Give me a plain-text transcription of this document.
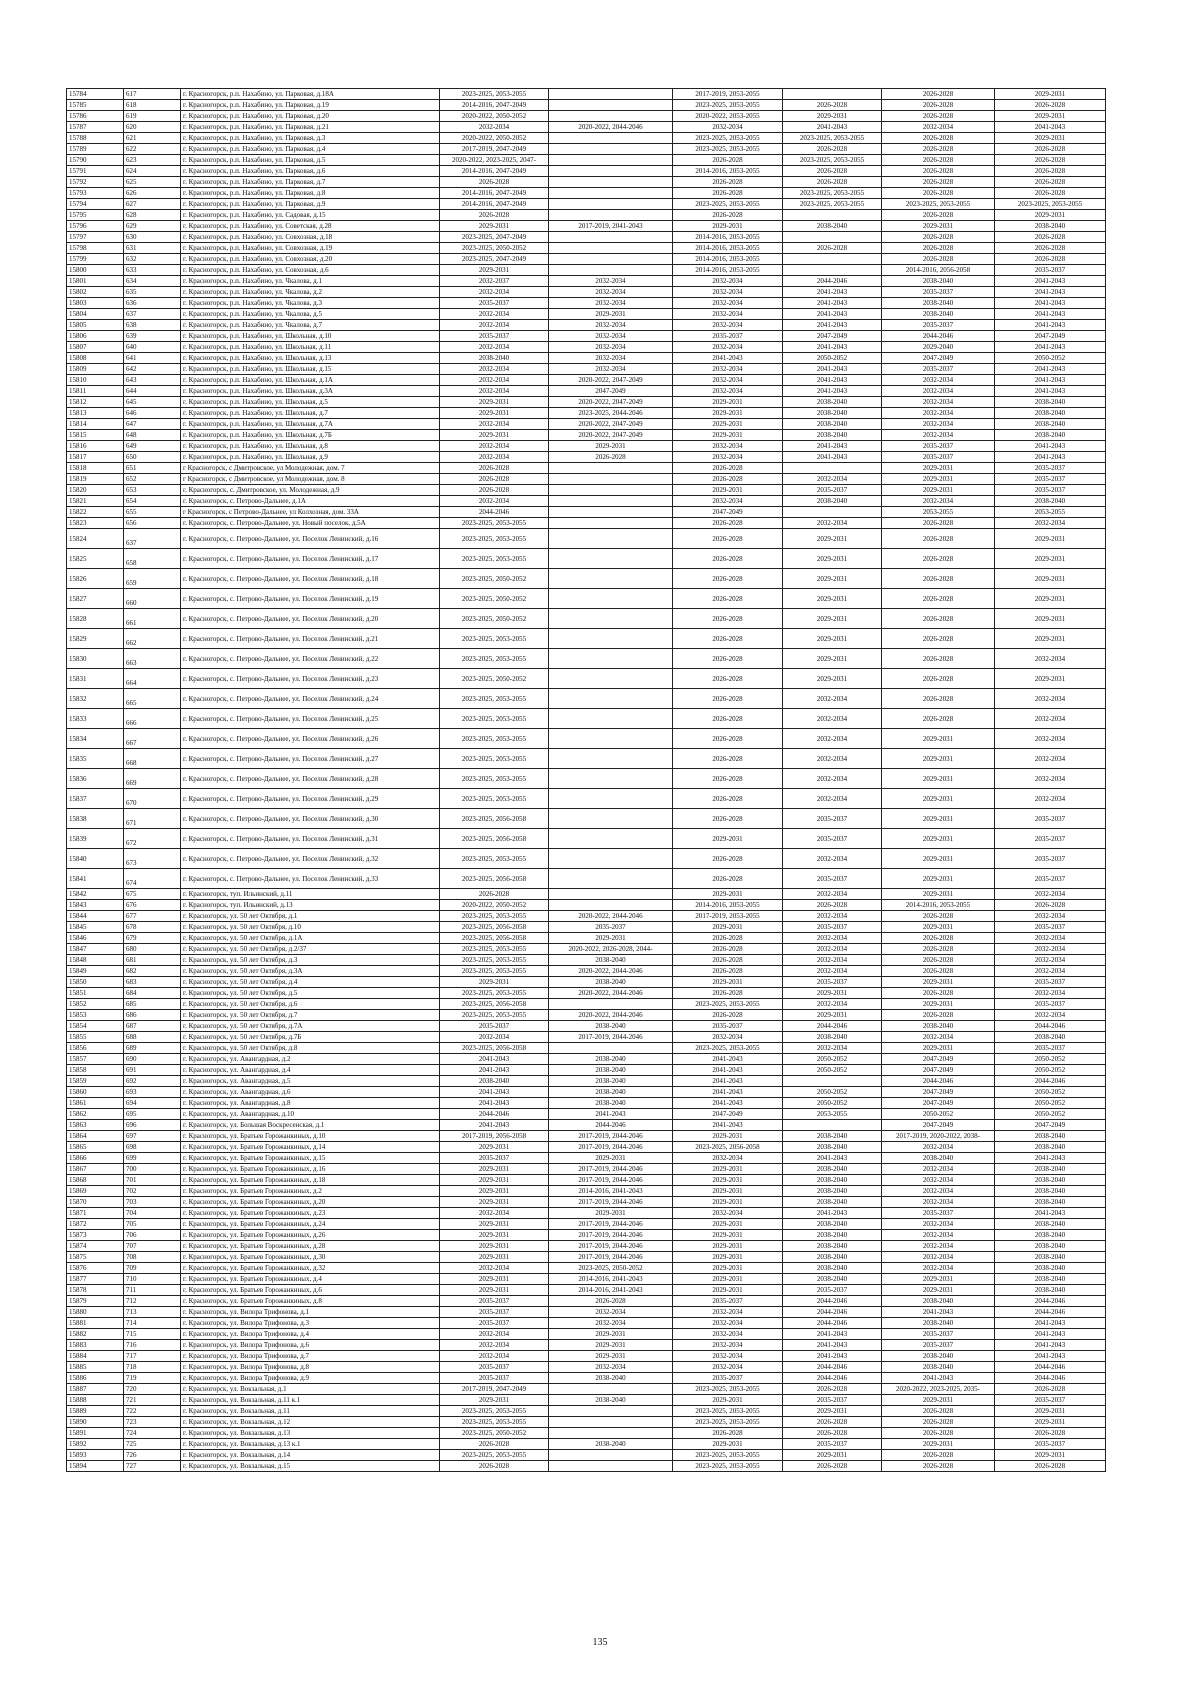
15784	617	г. Красногорск, р.п. Нахабино, ул. Парковая, д.18А	2023-2025, 2053-2055		2017-2019, 2053-2055		2026-2028	2029-2031
15785	618	г. Красногорск, р.п. Нахабино, ул. Парковая, д.19	2014-2016, 2047-2049		2023-2025, 2053-2055	2026-2028	2026-2028	2026-2028
15786	619	г. Красногорск, р.п. Нахабино, ул. Парковая, д.20	2020-2022, 2050-2052		2020-2022, 2053-2055	2029-2031	2026-2028	2029-2031
15787	620	г. Красногорск, р.п. Нахабино, ул. Парковая, д.21	2032-2034	2020-2022, 2044-2046	2032-2034	2041-2043	2032-2034	2041-2043
15788	621	г. Красногорск, р.п. Нахабино, ул. Парковая, д.3	2020-2022, 2050-2052		2023-2025, 2053-2055	2023-2025, 2053-2055	2026-2028	2029-2031
15789	622	г. Красногорск, р.п. Нахабино, ул. Парковая, д.4	2017-2019, 2047-2049		2023-2025, 2053-2055	2026-2028	2026-2028	2026-2028
15790	623	г. Красногорск, р.п. Нахабино, ул. Парковая, д.5	2020-2022, 2023-2025, 2047-		2026-2028	2023-2025, 2053-2055	2026-2028	2026-2028
15791	624	г. Красногорск, р.п. Нахабино, ул. Парковая, д.6	2014-2016, 2047-2049		2014-2016, 2053-2055	2026-2028	2026-2028	2026-2028
15792	625	г. Красногорск, р.п. Нахабино, ул. Парковая, д.7	2026-2028		2026-2028	2026-2028	2026-2028	2026-2028
15793	626	г. Красногорск, р.п. Нахабино, ул. Парковая, д.8	2014-2016, 2047-2049		2026-2028	2023-2025, 2053-2055	2026-2028	2026-2028
15794	627	г. Красногорск, р.п. Нахабино, ул. Парковая, д.9	2014-2016, 2047-2049		2023-2025, 2053-2055	2023-2025, 2053-2055	2023-2025, 2053-2055	2023-2025, 2053-2055
15795	628	г. Красногорск, р.п. Нахабино, ул. Садовая, д.15	2026-2028		2026-2028		2026-2028	2029-2031
15796	629	г. Красногорск, р.п. Нахабино, ул. Советская, д.28	2029-2031	2017-2019, 2041-2043	2029-2031	2038-2040	2029-2031	2038-2040
15797	630	г. Красногорск, р.п. Нахабино, ул. Совхозная, д.18	2023-2025, 2047-2049		2014-2016, 2053-2055		2026-2028	2026-2028
15798	631	г. Красногорск, р.п. Нахабино, ул. Совхозная, д.19	2023-2025, 2050-2052		2014-2016, 2053-2055	2026-2028	2026-2028	2026-2028
15799	632	г. Красногорск, р.п. Нахабино, ул. Совхозная, д.20	2023-2025, 2047-2049		2014-2016, 2053-2055		2026-2028	2026-2028
15800	633	г. Красногорск, р.п. Нахабино, ул. Совхозная, д.6	2029-2031		2014-2016, 2053-2055		2014-2016, 2056-2058	2035-2037
15801	634	г. Красногорск, р.п. Нахабино, ул. Чкалова, д.1	2032-2037	2032-2034	2032-2034	2044-2046	2038-2040	2041-2043
15802	635	г. Красногорск, р.п. Нахабино, ул. Чкалова, д.2	2032-2034	2032-2034	2032-2034	2041-2043	2035-2037	2041-2043
15803	636	г. Красногорск, р.п. Нахабино, ул. Чкалова, д.3	2035-2037	2032-2034	2032-2034	2041-2043	2038-2040	2041-2043
15804	637	г. Красногорск, р.п. Нахабино, ул. Чкалова, д.5	2032-2034	2029-2031	2032-2034	2041-2043	2038-2040	2041-2043
15805	638	г. Красногорск, р.п. Нахабино, ул. Чкалова, д.7	2032-2034	2032-2034	2032-2034	2041-2043	2035-2037	2041-2043
15806	639	г. Красногорск, р.п. Нахабино, ул. Школьная, д.10	2035-2037	2032-2034	2035-2037	2047-2049	2044-2046	2047-2049
15807	640	г. Красногорск, р.п. Нахабино, ул. Школьная, д.11	2032-2034	2032-2034	2032-2034	2041-2043	2029-2040	2041-2043
15808	641	г. Красногорск, р.п. Нахабино, ул. Школьная, д.13	2038-2040	2032-2034	2041-2043	2050-2052	2047-2049	2050-2052
15809	642	г. Красногорск, р.п. Нахабино, ул. Школьная, д.15	2032-2034	2032-2034	2032-2034	2041-2043	2035-2037	2041-2043
15810	643	г. Красногорск, р.п. Нахабино, ул. Школьная, д.1А	2032-2034	2020-2022, 2047-2049	2032-2034	2041-2043	2032-2034	2041-2043
15811	644	г. Красногорск, р.п. Нахабино, ул. Школьная, д.3А	2032-2034	2047-2049	2032-2034	2041-2043	2032-2034	2041-2043
15812	645	г. Красногорск, р.п. Нахабино, ул. Школьная, д.5	2029-2031	2020-2022, 2047-2049	2029-2031	2038-2040	2032-2034	2038-2040
15813	646	г. Красногорск, р.п. Нахабино, ул. Школьная, д.7	2029-2031	2023-2025, 2044-2046	2029-2031	2038-2040	2032-2034	2038-2040
15814	647	г. Красногорск, р.п. Нахабино, ул. Школьная, д.7А	2032-2034	2020-2022, 2047-2049	2029-2031	2038-2040	2032-2034	2038-2040
15815	648	г. Красногорск, р.п. Нахабино, ул. Школьная, д.7Б	2029-2031	2020-2022, 2047-2049	2029-2031	2038-2040	2032-2034	2038-2040
15816	649	г. Красногорск, р.п. Нахабино, ул. Школьная, д.8	2032-2034	2029-2031	2032-2034	2041-2043	2035-2037	2041-2043
15817	650	г. Красногорск, р.п. Нахабино, ул. Школьная, д.9	2032-2034	2026-2028	2032-2034	2041-2043	2035-2037	2041-2043
15818	651	г Красногорск, с Дмитровское, ул Молодежная, дом. 7	2026-2028		2026-2028		2029-2031	2035-2037
15819	652	г Красногорск, с Дмитровское, ул Молодежная, дом. 8	2026-2028		2026-2028	2032-2034	2029-2031	2035-2037
15820	653	г. Красногорск, с. Дмитровское, ул. Молодежная, д.9	2026-2028		2029-2031	2035-2037	2029-2031	2035-2037
15821	654	г. Красногорск, с. Петрово-Дальнее, д.1А	2032-2034		2032-2034	2038-2040	2032-2034	2038-2040
15822	655	г Красногорск, с Петрово-Дальнее, ул Колхозная, дом. 33А	2044-2046		2047-2049		2053-2055	2053-2055
15823	656	г. Красногорск, с. Петрово-Дальнее, ул. Новый поселок, д.5А	2023-2025, 2053-2055		2026-2028	2032-2034	2026-2028	2032-2034
15824	637	г. Красногорск, с. Петрово-Дальнее, ул. Поселок Ленинский, д.16	2023-2025, 2053-2055		2026-2028	2029-2031	2026-2028	2029-2031
15825	658	г. Красногорск, с. Петрово-Дальнее, ул. Поселок Ленинский, д.17	2023-2025, 2053-2055		2026-2028	2029-2031	2026-2028	2029-2031
15826	659	г. Красногорск, с. Петрово-Дальнее, ул. Поселок Ленинский, д.18	2023-2025, 2050-2052		2026-2028	2029-2031	2026-2028	2029-2031
15827	660	г. Красногорск, с. Петрово-Дальнее, ул. Поселок Ленинский, д.19	2023-2025, 2050-2052		2026-2028	2029-2031	2026-2028	2029-2031
15828	661	г. Красногорск, с. Петрово-Дальнее, ул. Поселок Ленинский, д.20	2023-2025, 2050-2052		2026-2028	2029-2031	2026-2028	2029-2031
15829	662	г. Красногорск, с. Петрово-Дальнее, ул. Поселок Ленинский, д.21	2023-2025, 2053-2055		2026-2028	2029-2031	2026-2028	2029-2031
15830	663	г. Красногорск, с. Петрово-Дальнее, ул. Поселок Ленинский, д.22	2023-2025, 2053-2055		2026-2028	2029-2031	2026-2028	2032-2034
15831	664	г. Красногорск, с. Петрово-Дальнее, ул. Поселок Ленинский, д.23	2023-2025, 2050-2052		2026-2028	2029-2031	2026-2028	2029-2031
15832	665	г. Красногорск, с. Петрово-Дальнее, ул. Поселок Ленинский, д.24	2023-2025, 2053-2055		2026-2028	2032-2034	2026-2028	2032-2034
15833	666	г. Красногорск, с. Петрово-Дальнее, ул. Поселок Ленинский, д.25	2023-2025, 2053-2055		2026-2028	2032-2034	2026-2028	2032-2034
15834	667	г. Красногорск, с. Петрово-Дальнее, ул. Поселок Ленинский, д.26	2023-2025, 2053-2055		2026-2028	2032-2034	2029-2031	2032-2034
15835	668	г. Красногорск, с. Петрово-Дальнее, ул. Поселок Ленинский, д.27	2023-2025, 2053-2055		2026-2028	2032-2034	2029-2031	2032-2034
15836	669	г. Красногорск, с. Петрово-Дальнее, ул. Поселок Ленинский, д.28	2023-2025, 2053-2055		2026-2028	2032-2034	2029-2031	2032-2034
15837	670	г. Красногорск, с. Петрово-Дальнее, ул. Поселок Ленинский, д.29	2023-2025, 2053-2055		2026-2028	2032-2034	2029-2031	2032-2034
15838	671	г. Красногорск, с. Петрово-Дальнее, ул. Поселок Ленинский, д.30	2023-2025, 2056-2058		2026-2028	2035-2037	2029-2031	2035-2037
15839	672	г. Красногорск, с. Петрово-Дальнее, ул. Поселок Ленинский, д.31	2023-2025, 2056-2058		2029-2031	2035-2037	2029-2031	2035-2037
15840	673	г. Красногорск, с. Петрово-Дальнее, ул. Поселок Ленинский, д.32	2023-2025, 2053-2055		2026-2028	2032-2034	2029-2031	2035-2037
15841	674	г. Красногорск, с. Петрово-Дальнее, ул. Поселок Ленинский, д.33	2023-2025, 2056-2058		2026-2028	2035-2037	2029-2031	2035-2037
15842	675	г. Красногорск, туп. Ильинский, д.11	2026-2028		2029-2031	2032-2034	2029-2031	2032-2034
15843	676	г. Красногорск, туп. Ильинский, д.13	2020-2022, 2050-2052		2014-2016, 2053-2055	2026-2028	2014-2016, 2053-2055	2026-2028
15844	677	г. Красногорск, ул. 50 лет Октября, д.1	2023-2025, 2053-2055	2020-2022, 2044-2046	2017-2019, 2053-2055	2032-2034	2026-2028	2032-2034
15845	678	г. Красногорск, ул. 50 лет Октября, д.10	2023-2025, 2056-2058	2035-2037	2029-2031	2035-2037	2029-2031	2035-2037
15846	679	г. Красногорск, ул. 50 лет Октября, д.1А	2023-2025, 2056-2058	2029-2031	2026-2028	2032-2034	2026-2028	2032-2034
15847	680	г. Красногорск, ул. 50 лет Октября, д.2/37	2023-2025, 2053-2055	2020-2022, 2026-2028, 2044-	2026-2028	2032-2034	2026-2028	2032-2034
15848	681	г. Красногорск, ул. 50 лет Октября, д.3	2023-2025, 2053-2055	2038-2040	2026-2028	2032-2034	2026-2028	2032-2034
15849	682	г. Красногорск, ул. 50 лет Октября, д.3А	2023-2025, 2053-2055	2020-2022, 2044-2046	2026-2028	2032-2034	2026-2028	2032-2034
15850	683	г. Красногорск, ул. 50 лет Октября, д.4	2029-2031	2038-2040	2029-2031	2035-2037	2029-2031	2035-2037
15851	684	г. Красногорск, ул. 50 лет Октября, д.5	2023-2025, 2053-2055	2020-2022, 2044-2046	2026-2028	2029-2031	2026-2028	2032-2034
15852	685	г. Красногорск, ул. 50 лет Октября, д.6	2023-2025, 2056-2058		2023-2025, 2053-2055	2032-2034	2029-2031	2035-2037
15853	686	г. Красногорск, ул. 50 лет Октября, д.7	2023-2025, 2053-2055	2020-2022, 2044-2046	2026-2028	2029-2031	2026-2028	2032-2034
15854	687	г. Красногорск, ул. 50 лет Октября, д.7А	2035-2037	2038-2040	2035-2037	2044-2046	2038-2040	2044-2046
15855	688	г. Красногорск, ул. 50 лет Октября, д.7Б	2032-2034	2017-2019, 2044-2046	2032-2034	2038-2040	2032-2034	2038-2040
15856	689	г. Красногорск, ул. 50 лет Октября, д.8	2023-2025, 2056-2058		2023-2025, 2053-2055	2032-2034	2029-2031	2035-2037
15857	690	г. Красногорск, ул. Авангардная, д.2	2041-2043	2038-2040	2041-2043	2050-2052	2047-2049	2050-2052
15858	691	г. Красногорск, ул. Авангардная, д.4	2041-2043	2038-2040	2041-2043	2050-2052	2047-2049	2050-2052
15859	692	г. Красногорск, ул. Авангардная, д.5	2038-2040	2038-2040	2041-2043		2044-2046	2044-2046
15860	693	г. Красногорск, ул. Авангардная, д.6	2041-2043	2038-2040	2041-2043	2050-2052	2047-2049	2050-2052
15861	694	г. Красногорск, ул. Авангардная, д.8	2041-2043	2038-2040	2041-2043	2050-2052	2047-2049	2050-2052
15862	695	г. Красногорск, ул. Авангардная, д.10	2044-2046	2041-2043	2047-2049	2053-2055	2050-2052	2050-2052
15863	696	г. Красногорск, ул. Большая Воскресенская, д.1	2041-2043	2044-2046	2041-2043		2047-2049	2047-2049
15864	697	г. Красногорск, ул. Братьев Горожанкиных, д.10	2017-2019, 2056-2058	2017-2019, 2044-2046	2029-2031	2038-2040	2017-2019, 2020-2022, 2038-	2038-2040
15865	698	г. Красногорск, ул. Братьев Горожанкиных, д.14	2029-2031	2017-2019, 2044-2046	2023-2025, 2056-2058	2038-2040	2032-2034	2038-2040
15866	699	г. Красногорск, ул. Братьев Горожанкиных, д.15	2035-2037	2029-2031	2032-2034	2041-2043	2038-2040	2041-2043
15867	700	г. Красногорск, ул. Братьев Горожанкиных, д.16	2029-2031	2017-2019, 2044-2046	2029-2031	2038-2040	2032-2034	2038-2040
15868	701	г. Красногорск, ул. Братьев Горожанкиных, д.18	2029-2031	2017-2019, 2044-2046	2029-2031	2038-2040	2032-2034	2038-2040
15869	702	г. Красногорск, ул. Братьев Горожанкиных, д.2	2029-2031	2014-2016, 2041-2043	2029-2031	2038-2040	2032-2034	2038-2040
15870	703	г. Красногорск, ул. Братьев Горожанкиных, д.20	2029-2031	2017-2019, 2044-2046	2029-2031	2038-2040	2032-2034	2038-2040
15871	704	г. Красногорск, ул. Братьев Горожанкиных, д.23	2032-2034	2029-2031	2032-2034	2041-2043	2035-2037	2041-2043
15872	705	г. Красногорск, ул. Братьев Горожанкиных, д.24	2029-2031	2017-2019, 2044-2046	2029-2031	2038-2040	2032-2034	2038-2040
15873	706	г. Красногорск, ул. Братьев Горожанкиных, д.26	2029-2031	2017-2019, 2044-2046	2029-2031	2038-2040	2032-2034	2038-2040
15874	707	г. Красногорск, ул. Братьев Горожанкиных, д.28	2029-2031	2017-2019, 2044-2046	2029-2031	2038-2040	2032-2034	2038-2040
15875	708	г. Красногорск, ул. Братьев Горожанкиных, д.30	2029-2031	2017-2019, 2044-2046	2029-2031	2038-2040	2032-2034	2038-2040
15876	709	г. Красногорск, ул. Братьев Горожанкиных, д.32	2032-2034	2023-2025, 2050-2052	2029-2031	2038-2040	2032-2034	2038-2040
15877	710	г. Красногорск, ул. Братьев Горожанкиных, д.4	2029-2031	2014-2016, 2041-2043	2029-2031	2038-2040	2029-2031	2038-2040
15878	711	г. Красногорск, ул. Братьев Горожанкиных, д.6	2029-2031	2014-2016, 2041-2043	2029-2031	2035-2037	2029-2031	2038-2040
15879	712	г. Красногорск, ул. Братьев Горожанкиных, д.8	2035-2037	2026-2028	2035-2037	2044-2046	2038-2040	2044-2046
15880	713	г. Красногорск, ул. Вилора Трифонова, д.1	2035-2037	2032-2034	2032-2034	2044-2046	2041-2043	2044-2046
15881	714	г. Красногорск, ул. Вилора Трифонова, д.3	2035-2037	2032-2034	2032-2034	2044-2046	2038-2040	2041-2043
15882	715	г. Красногорск, ул. Вилора Трифонова, д.4	2032-2034	2029-2031	2032-2034	2041-2043	2035-2037	2041-2043
15883	716	г. Красногорск, ул. Вилора Трифонова, д.6	2032-2034	2029-2031	2032-2034	2041-2043	2035-2037	2041-2043
15884	717	г. Красногорск, ул. Вилора Трифонова, д.7	2032-2034	2029-2031	2032-2034	2041-2043	2038-2040	2041-2043
15885	718	г. Красногорск, ул. Вилора Трифонова, д.8	2035-2037	2032-2034	2032-2034	2044-2046	2038-2040	2044-2046
15886	719	г. Красногорск, ул. Вилора Трифонова, д.9	2035-2037	2038-2040	2035-2037	2044-2046	2041-2043	2044-2046
15887	720	г. Красногорск, ул. Вокзальная, д.1	2017-2019, 2047-2049		2023-2025, 2053-2055	2026-2028	2020-2022, 2023-2025, 2035-	2026-2028
15888	721	г. Красногорск, ул. Вокзальная, д.11 к.1	2029-2031	2038-2040	2029-2031	2035-2037	2029-2031	2035-2037
15889	722	г. Красногорск, ул. Вокзальная, д.11	2023-2025, 2053-2055		2023-2025, 2053-2055	2029-2031	2026-2028	2029-2031
15890	723	г. Красногорск, ул. Вокзальная, д.12	2023-2025, 2053-2055		2023-2025, 2053-2055	2026-2028	2026-2028	2029-2031
15891	724	г. Красногорск, ул. Вокзальная, д.13	2023-2025, 2050-2052		2026-2028	2026-2028	2026-2028	2026-2028
15892	725	г. Красногорск, ул. Вокзальная, д.13 к.1	2026-2028	2038-2040	2029-2031	2035-2037	2029-2031	2035-2037
15893	726	г. Красногорск, ул. Вокзальная, д.14	2023-2025, 2053-2055		2023-2025, 2053-2055	2029-2031	2026-2028	2029-2031
15894	727	г. Красногорск, ул. Вокзальная, д.15	2026-2028		2023-2025, 2053-2055	2026-2028	2026-2028	2026-2028
135
